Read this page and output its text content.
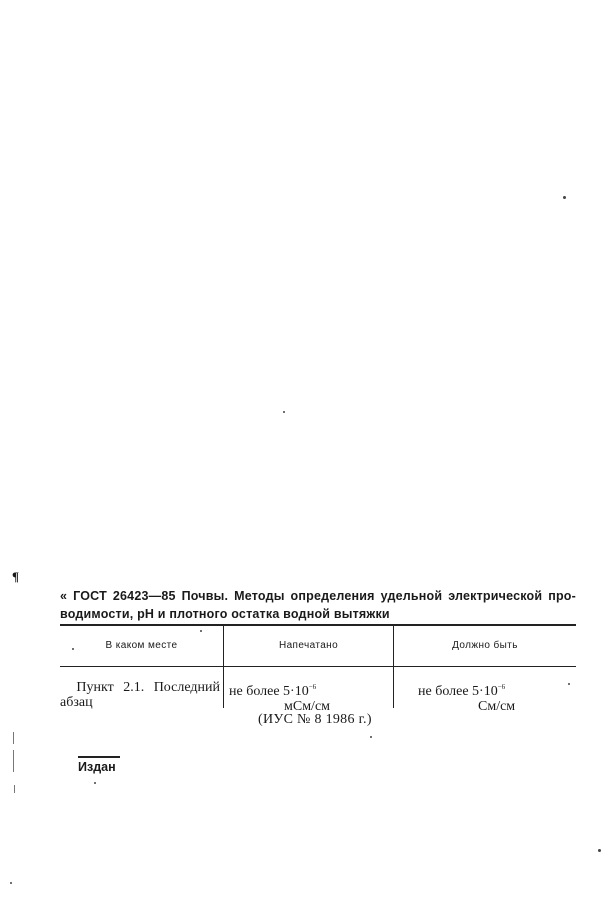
¶
« ГОСТ 26423—85 Почвы. Методы определения удельной электрической про-
водимости, рН и плотного остатка водной вытяжки
В каком месте	Напечатано	Должно быть
Пункт 2.1. Последний
абзац
не более $5\cdot 10^{-6}$
мСм/см
не более $5\cdot 10^{-6}$
См/см
(ИУС № 8 1986 г.)
Издан
